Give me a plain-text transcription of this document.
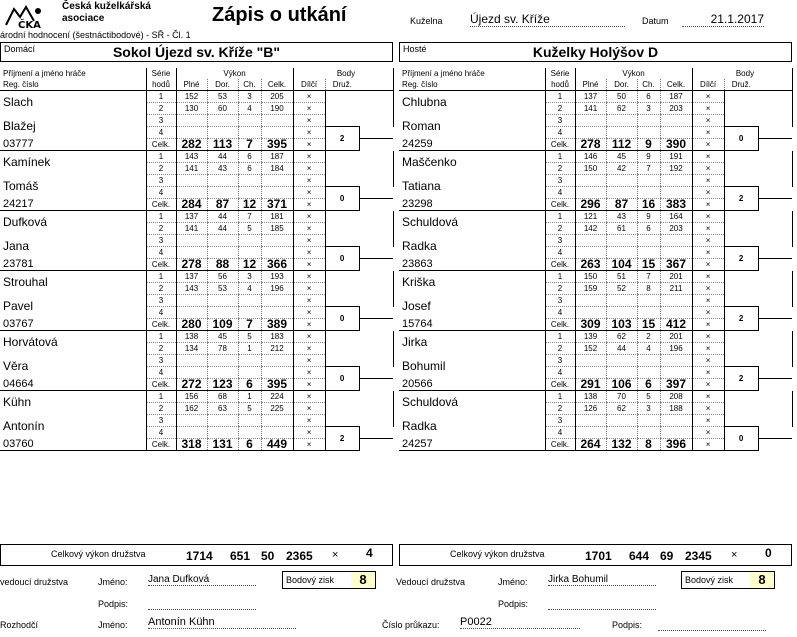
ČKA
Česká kuželkářská
asociace	Zápis o utkání
árodní hodnocení (šestnáctibodové) - SŘ - Čl. 1
Kuželna Újezd sv. Kříže	Datum	21.1.2017
Domácí	Sokol Újezd sv. Kříže "B"	Hosté	Kuželky Holýšov D
Příjmení a jméno hráče	Série	Výkon				Body		
Reg. číslo	hodů	Plné	Dor.	Ch.	Celk.	Dílčí	Druž.	
Slach	1	152	53	3	205	×		
	2	130	60	4	190	×		
Blažej	3					×		
	4					×	2	
03777	Celk.	282	113	7	395	×		
Kamínek	1	143	44	6	187	×		
	2	141	43	6	184	×		
Tomáš	3					×		
	4					×	0	
24217	Celk.	284	87	12	371	×		
Dufková	1	137	44	7	181	×		
	2	141	44	5	185	×		
Jana	3					×		
	4					×	0	
23781	Celk.	278	88	12	366	×		
Strouhal	1	137	56	3	193	×		
	2	143	53	4	196	×		
Pavel	3					×		
	4					×	0	
03767	Celk.	280	109	7	389	×		
Horvátová	1	138	45	5	183	×		
	2	134	78	1	212	×		
Věra	3					×		
	4					×	0	
04664	Celk.	272	123	6	395	×		
Kühn	1	156	68	1	224	×		
	2	162	63	5	225	×		
Antonín	3					×		
	4					×	2	
03760	Celk.	318	131	6	449	×		
Příjmení a jméno hráče	Série	Výkon				Body		
Reg. číslo	hodů	Plné	Dor.	Ch.	Celk.	Dílčí	Druž.	
Chlubna	1	137	50	6	187	×		
	2	141	62	3	203	×		
Roman	3					×		
	4					×	0	
24259	Celk.	278	112	9	390	×		
Maščenko	1	146	45	9	191	×		
	2	150	42	7	192	×		
Tatiana	3					×		
	4					×	2	
23298	Celk.	296	87	16	383	×		
Schuldová	1	121	43	9	164	×		
	2	142	61	6	203	×		
Radka	3					×		
	4					×	2	
23863	Celk.	263	104	15	367	×		
Kriška	1	150	51	7	201	×		
	2	159	52	8	211	×		
Josef	3					×		
	4					×	2	
15764	Celk.	309	103	15	412	×		
Jirka	1	139	62	2	201	×		
	2	152	44	4	196	×		
Bohumil	3					×		
	4					×	2	
20566	Celk.	291	106	6	397	×		
Schuldová	1	138	70	5	208	×		
	2	126	62	3	188	×		
Radka	3					×		
	4					×	0	
24257	Celk.	264	132	8	396	×		
Celkový výkon družstva	1714 651 50 2365 × 4	Celkový výkon družstva	1701 644 69 2345 × 0
vedoucí družstva	Jméno: Jana Dufková	Bodový zisk	8	Vedoucí družstva	Jméno: Jirka Bohumil	Bodový zisk	8
Podpis:	Podpis:
Rozhodčí	Jméno: Antonín Kühn	Číslo průkazu: P0022	Podpis:
